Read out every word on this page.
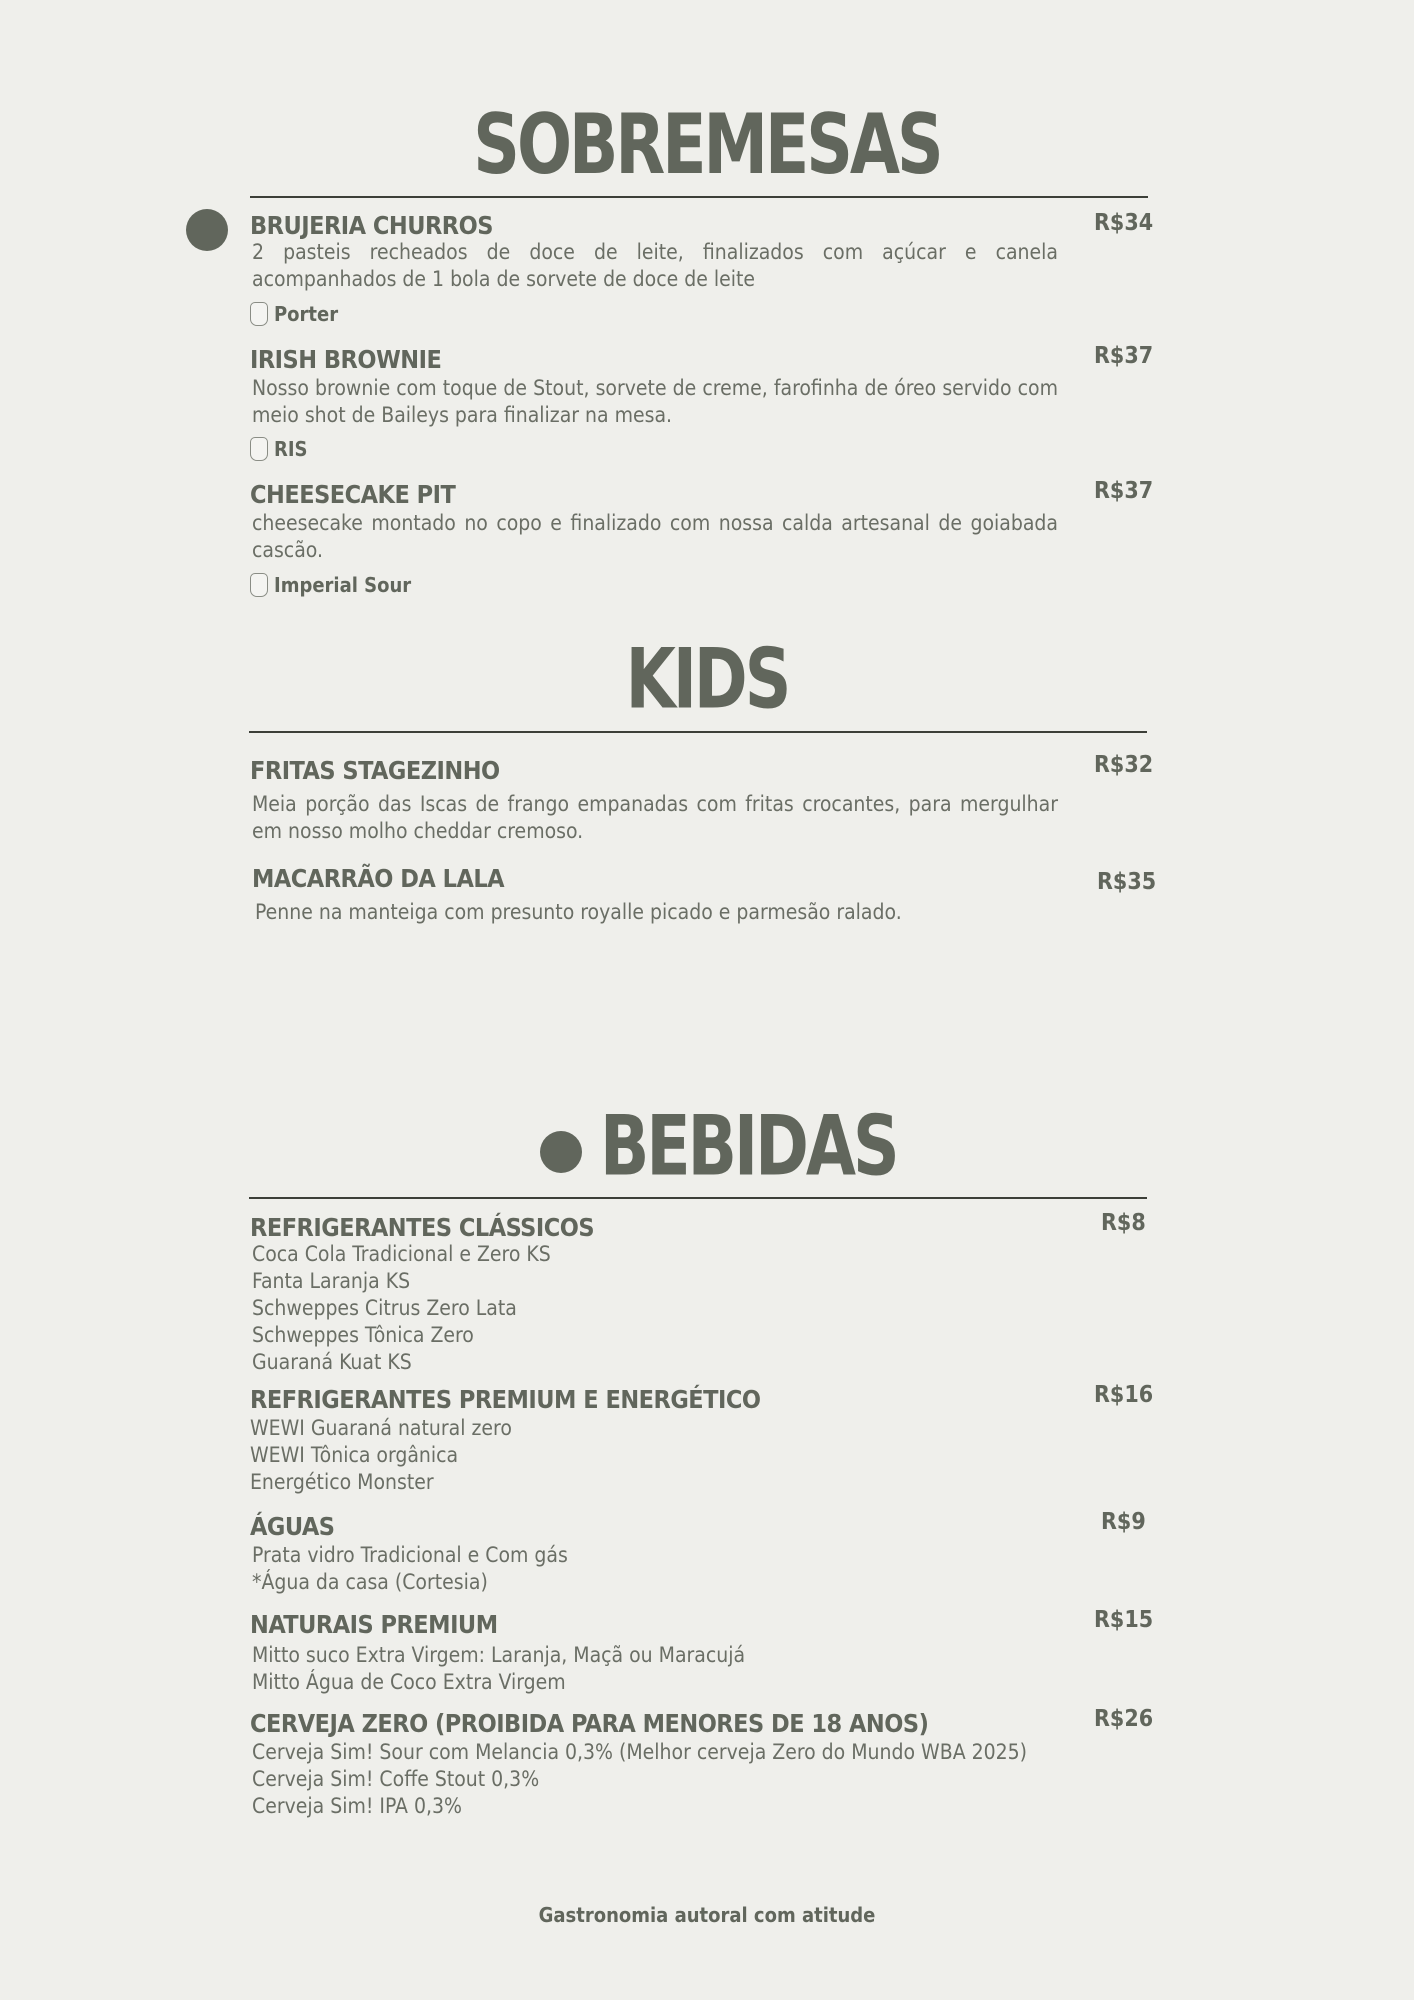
SOBREMESAS
BRUJERIA CHURROS	R$34
2 pasteis recheados de doce de leite, finalizados com açúcar e canela acompanhados de 1 bola de sorvete de doce de leite
Porter
IRISH BROWNIE	R$37
Nosso brownie com toque de Stout, sorvete de creme, farofinha de óreo servido com meio shot de Baileys para finalizar na mesa.
RIS
CHEESECAKE PIT	R$37
cheesecake montado no copo e finalizado com nossa calda artesanal de goiabada cascão.
Imperial Sour
KIDS
FRITAS STAGEZINHO	R$32
Meia porção das Iscas de frango empanadas com fritas crocantes, para mergulhar em nosso molho cheddar cremoso.
MACARRÃO DA LALA	R$35
Penne na manteiga com presunto royalle picado e parmesão ralado.
BEBIDAS
REFRIGERANTES CLÁSSICOS	R$8
Coca Cola Tradicional e Zero KS
Fanta Laranja KS
Schweppes Citrus Zero Lata
Schweppes Tônica Zero
Guaraná Kuat KS
REFRIGERANTES PREMIUM E ENERGÉTICO	R$16
WEWI Guaraná natural zero
WEWI Tônica orgânica
Energético Monster
ÁGUAS	R$9
Prata vidro Tradicional e Com gás
*Água da casa (Cortesia)
NATURAIS PREMIUM	R$15
Mitto suco Extra Virgem: Laranja, Maçã ou Maracujá
Mitto Água de Coco Extra Virgem
CERVEJA ZERO (PROIBIDA PARA MENORES DE 18 ANOS)	R$26
Cerveja Sim! Sour com Melancia 0,3% (Melhor cerveja Zero do Mundo WBA 2025)
Cerveja Sim! Coffe Stout 0,3%
Cerveja Sim! IPA 0,3%
Gastronomia autoral com atitude
